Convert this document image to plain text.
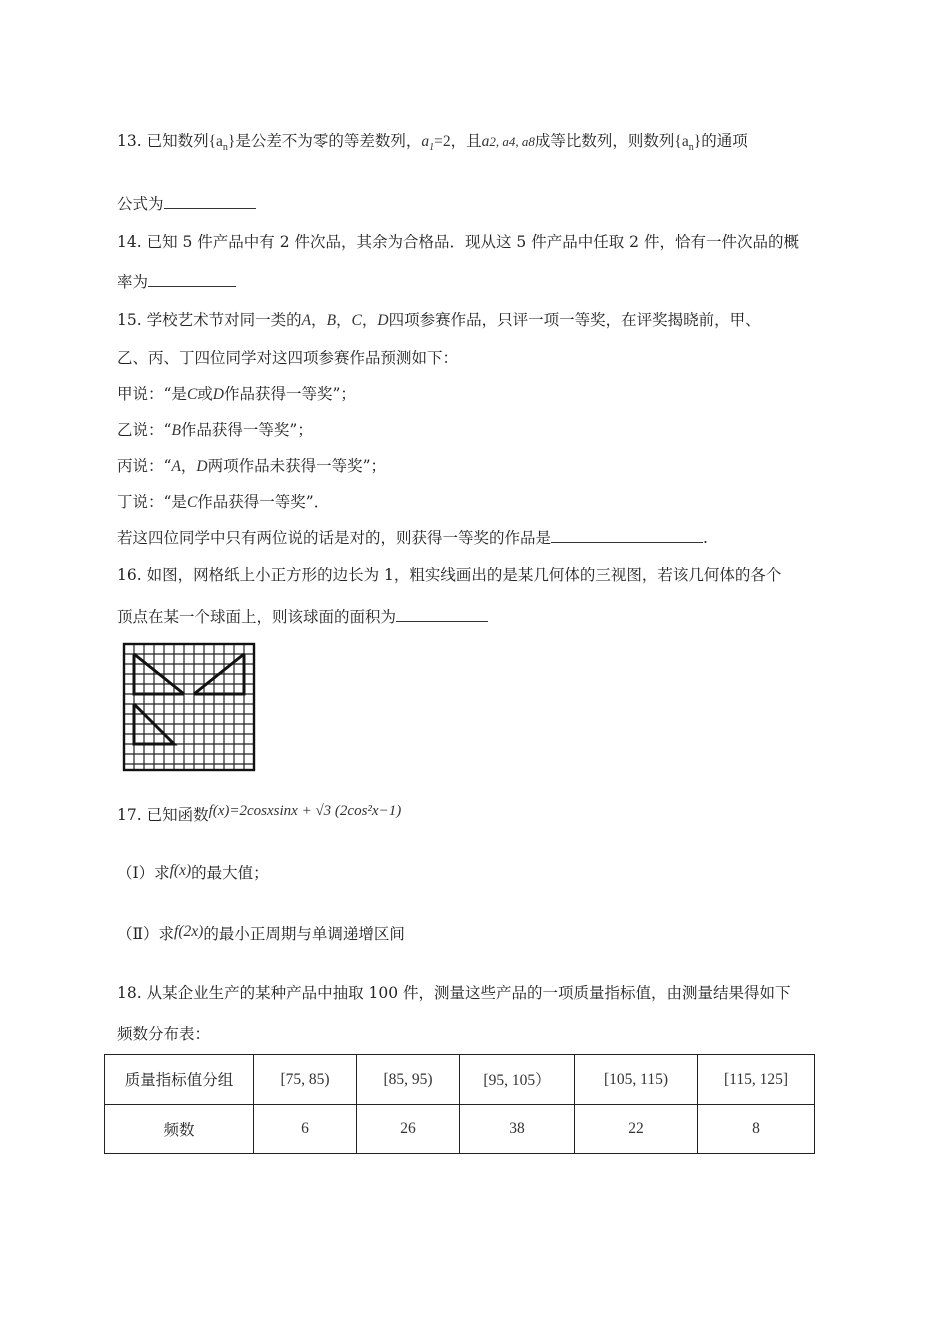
13. 已知数列$\{a_n\}$是公差不为零的等差数列，$a_1=2$，且a2, a4, a8成等比数列，则数列$\{a_n\}$的通项
公式为
14. 已知 5 件产品中有 2 件次品，其余为合格品．现从这 5 件产品中任取 2 件，恰有一件次品的概
率为
15. 学校艺术节对同一类的A，B，C，D四项参赛作品，只评一项一等奖，在评奖揭晓前，甲、
乙、丙、丁四位同学对这四项参赛作品预测如下：
甲说：“是C或D作品获得一等奖”；
乙说：“B作品获得一等奖”；
丙说：“A，D两项作品未获得一等奖”；
丁说：“是C作品获得一等奖”．
若这四位同学中只有两位说的话是对的，则获得一等奖的作品是	.
16. 如图，网格纸上小正方形的边长为 1，粗实线画出的是某几何体的三视图，若该几何体的各个
顶点在某一个球面上，则该球面的面积为
17. 已知函数f(x)=2cosxsinx + √3 (2cos²x−1)
（Ⅰ）求f(x)的最大值；
（Ⅱ）求f(2x)的最小正周期与单调递增区间
18. 从某企业生产的某种产品中抽取 100 件，测量这些产品的一项质量指标值，由测量结果得如下
频数分布表：
质量指标值分组	[75, 85)	[85, 95)	[95, 105）	[105, 115)	[115, 125]
频数	6	26	38	22	8
